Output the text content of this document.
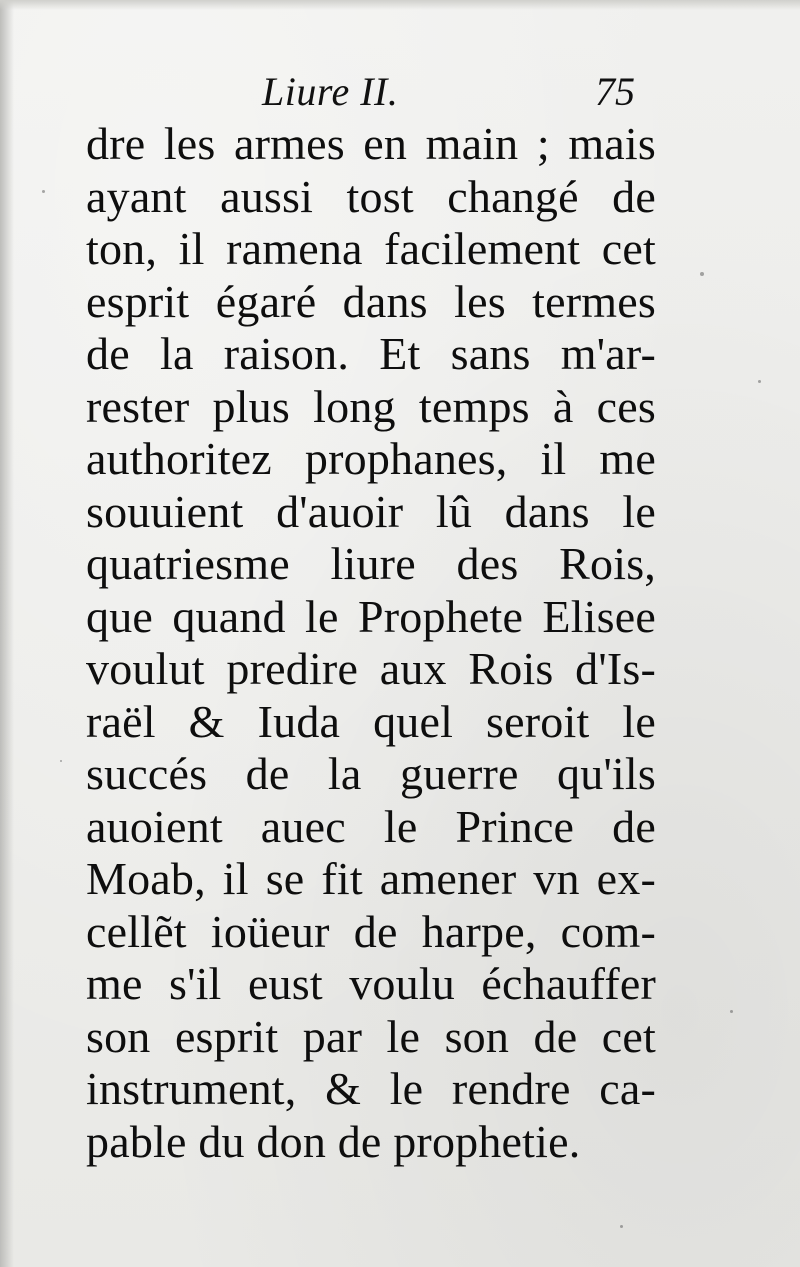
Liure II.	75
dre les armes en main ; mais
ayant aussi tost changé de
ton, il ramena facilement cet
esprit égaré dans les termes
de la raison. Et sans m'ar-
rester plus long temps à ces
authoritez prophanes, il me
souuient d'auoir lû dans le
quatriesme liure des Rois,
que quand le Prophete Elisee
voulut predire aux Rois d'Is-
raël & Iuda quel seroit le
succés de la guerre qu'ils
auoient auec le Prince de
Moab, il se fit amener vn ex-
cellẽt ioüeur de harpe, com-
me s'il eust voulu échauffer
son esprit par le son de cet
instrument, & le rendre ca-
pable du don de prophetie.
